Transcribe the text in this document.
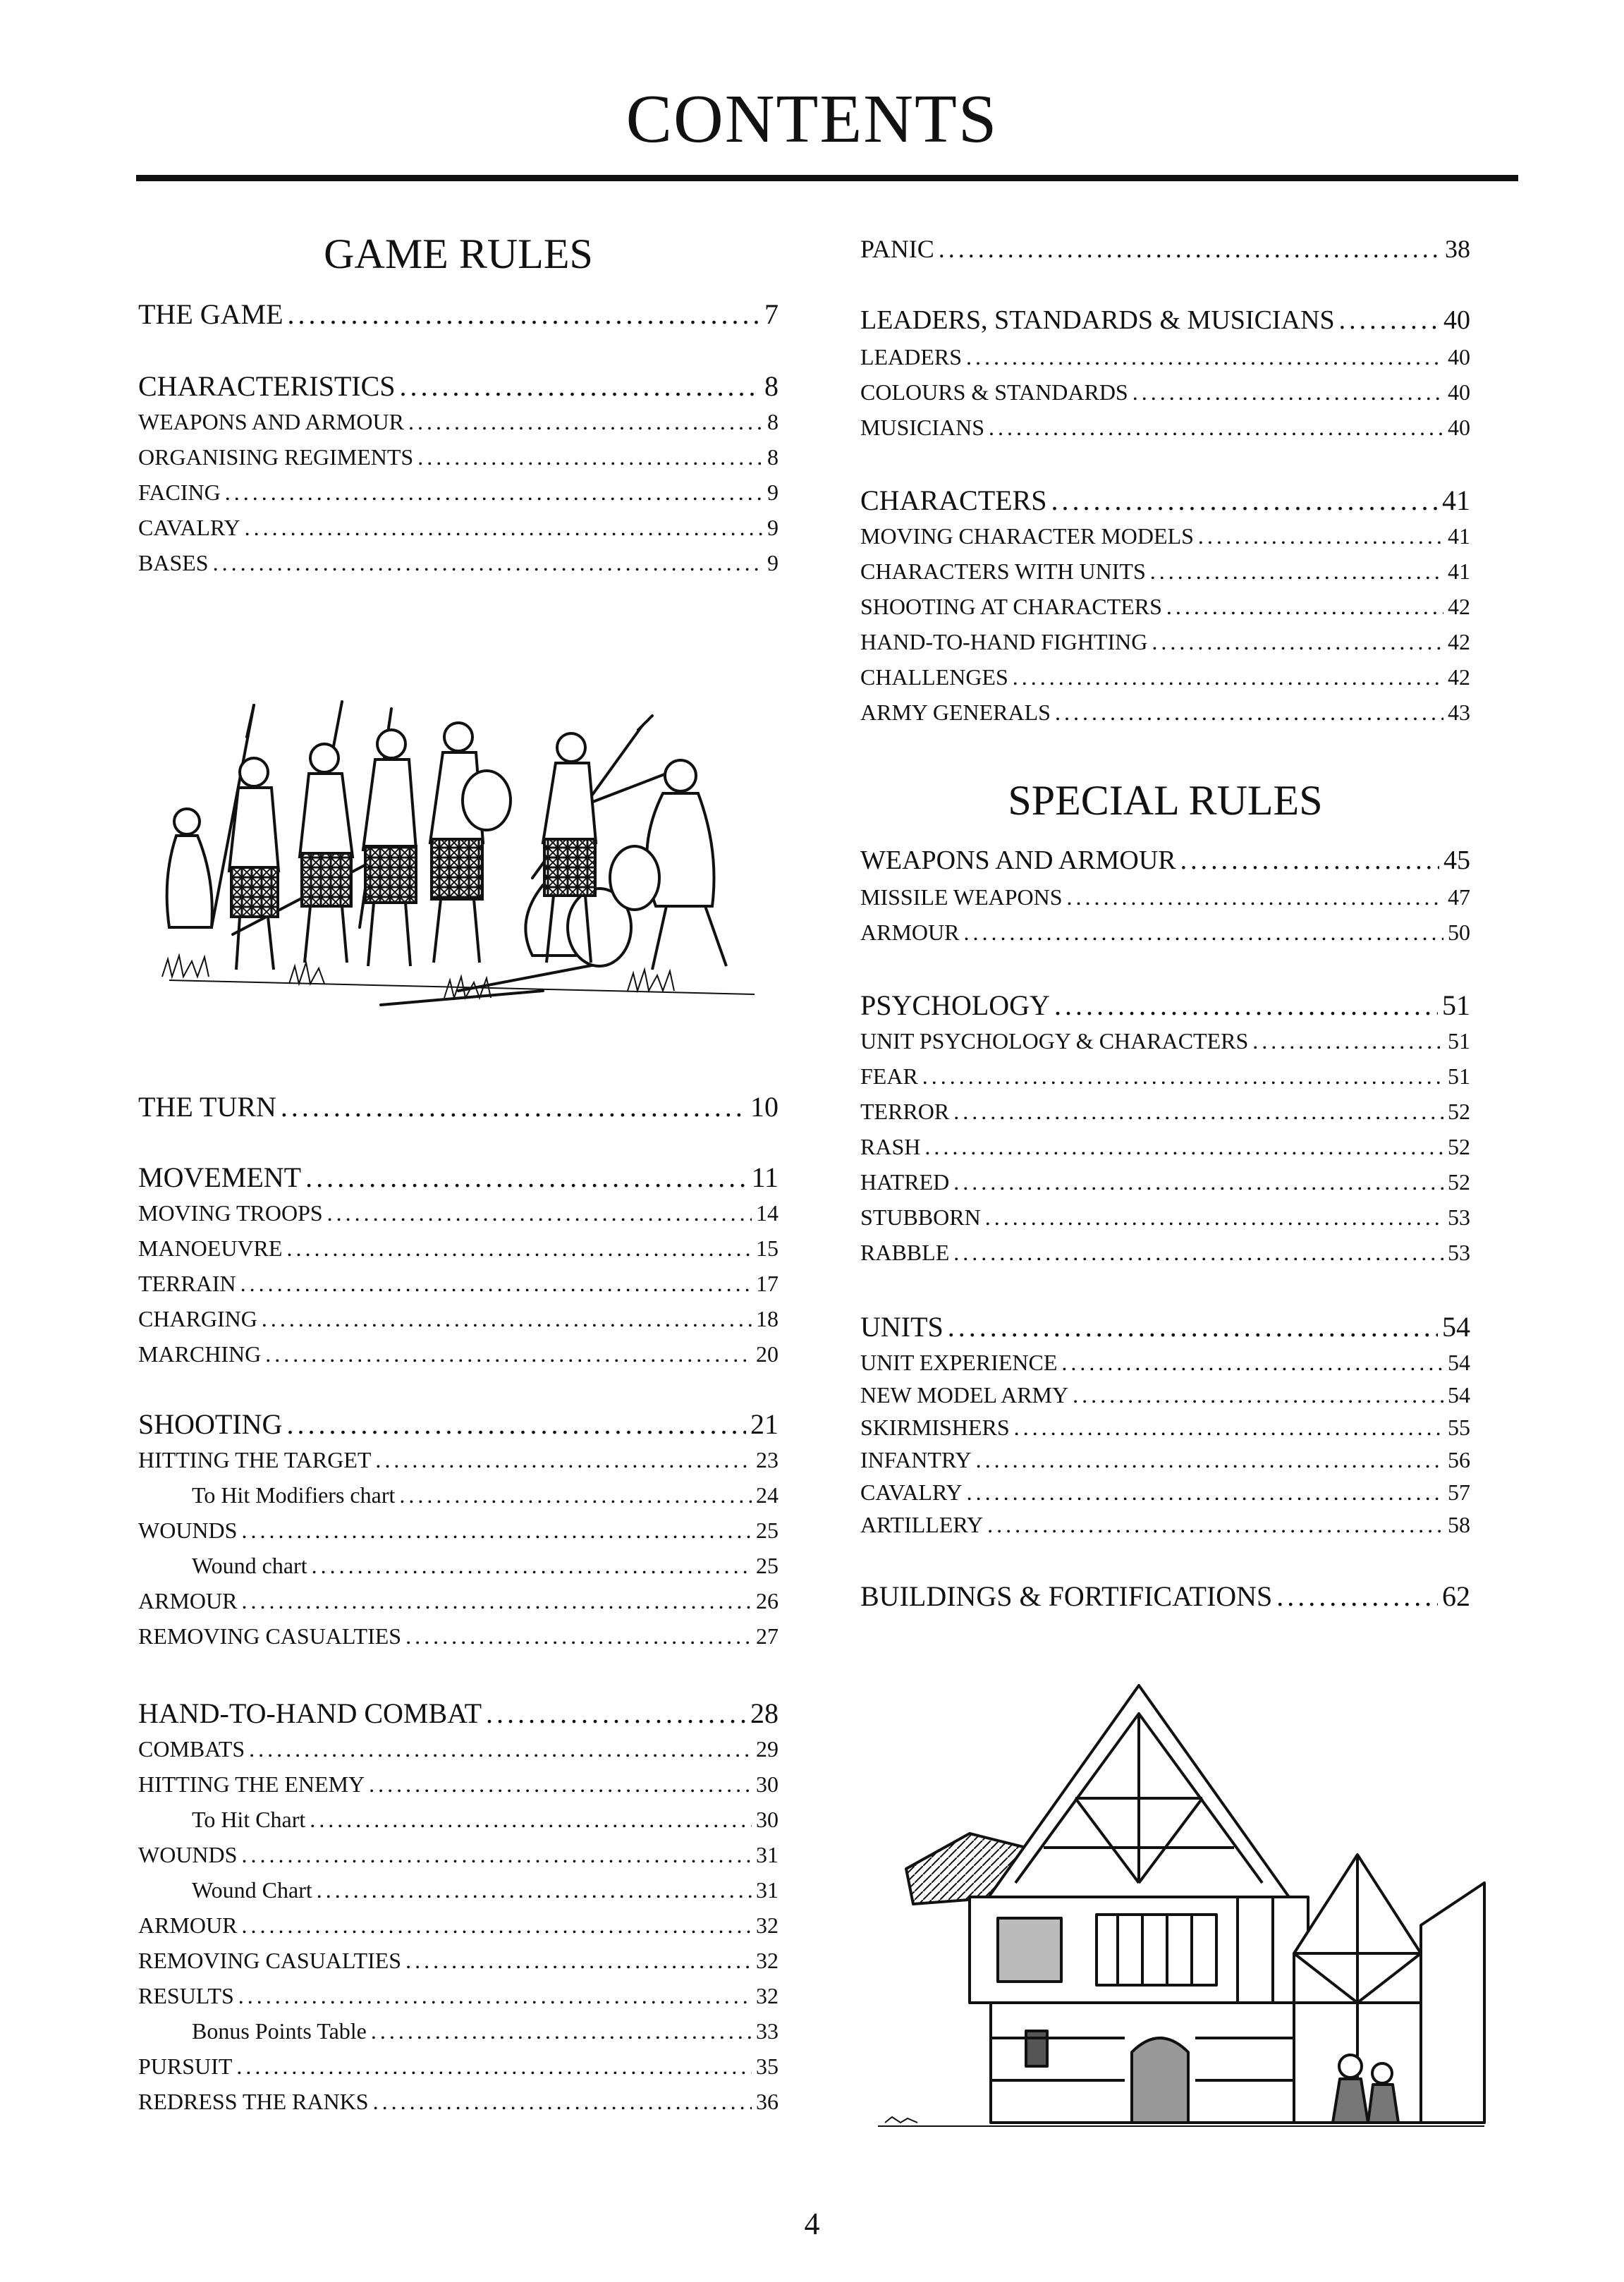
CONTENTS
GAME RULES
THE GAME .....	7
CHARACTERISTICS .....	8
WEAPONS AND ARMOUR .....	8
ORGANISING REGIMENTS .....	8
FACING .....	9
CAVALRY .....	9
BASES .....	9
THE TURN .....	10
MOVEMENT .....	11
MOVING TROOPS .....	14
MANOEUVRE .....	15
TERRAIN .....	17
CHARGING .....	18
MARCHING .....	20
SHOOTING .....	21
HITTING THE TARGET .....	23
To Hit Modifiers chart .....	24
WOUNDS .....	25
Wound chart .....	25
ARMOUR .....	26
REMOVING CASUALTIES .....	27
HAND-TO-HAND COMBAT .....	28
COMBATS .....	29
HITTING THE ENEMY .....	30
To Hit Chart .....	30
WOUNDS .....	31
Wound Chart .....	31
ARMOUR .....	32
REMOVING CASUALTIES .....	32
RESULTS .....	32
Bonus Points Table .....	33
PURSUIT .....	35
REDRESS THE RANKS .....	36
PANIC .....	38
LEADERS, STANDARDS & MUSICIANS .....	40
LEADERS .....	40
COLOURS & STANDARDS .....	40
MUSICIANS .....	40
CHARACTERS .....	41
MOVING CHARACTER MODELS .....	41
CHARACTERS WITH UNITS .....	41
SHOOTING AT CHARACTERS .....	42
HAND-TO-HAND FIGHTING .....	42
CHALLENGES .....	42
ARMY GENERALS .....	43
SPECIAL RULES
WEAPONS AND ARMOUR .....	45
MISSILE WEAPONS .....	47
ARMOUR .....	50
PSYCHOLOGY .....	51
UNIT PSYCHOLOGY & CHARACTERS .....	51
FEAR .....	51
TERROR .....	52
RASH .....	52
HATRED .....	52
STUBBORN .....	53
RABBLE .....	53
UNITS .....	54
UNIT EXPERIENCE .....	54
NEW MODEL ARMY .....	54
SKIRMISHERS .....	55
INFANTRY .....	56
CAVALRY .....	57
ARTILLERY .....	58
BUILDINGS & FORTIFICATIONS .....	62
4
